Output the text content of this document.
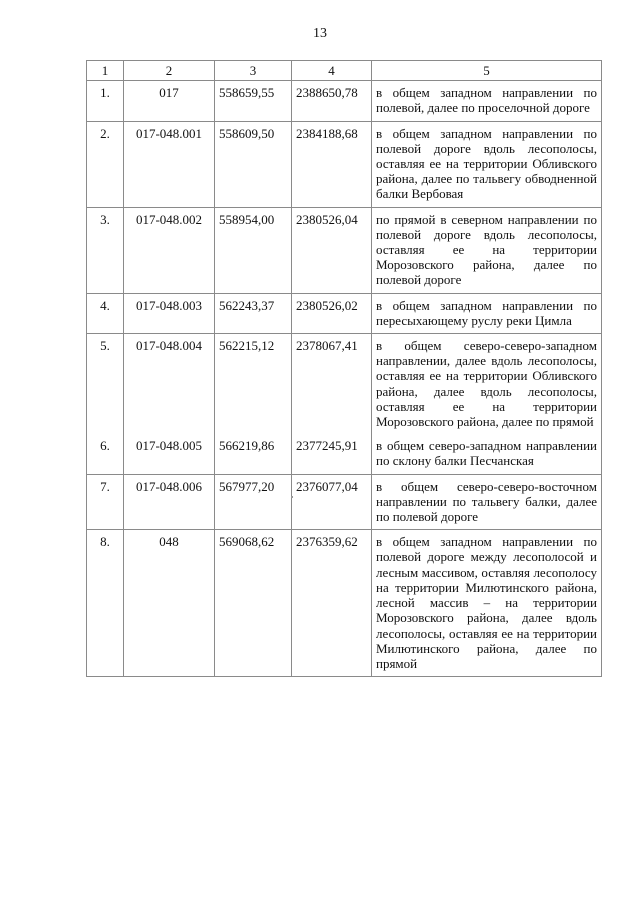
13
1	2	3	4	5
1.	017	558659,55	2388650,78	в общем западном направлении по полевой, далее по проселочной дороге
2.	017-048.001	558609,50	2384188,68	в общем западном направлении по полевой дороге вдоль лесополосы, оставляя ее на территории Обливского района, далее по тальвегу обводненной балки Вербовая
3.	017-048.002	558954,00	2380526,04	по прямой в северном направлении по полевой дороге вдоль лесополосы, оставляя ее на территории Морозовского района, далее по полевой дороге
4.	017-048.003	562243,37	2380526,02	в общем западном направлении по пересыхающему руслу реки Цимла
5.	017-048.004	562215,12	2378067,41	в общем северо-северо-западном направлении, далее вдоль лесополосы, оставляя ее на территории Обливского района, далее вдоль лесополосы, оставляя ее на территории Морозовского района, далее по прямой
6.	017-048.005	566219,86	2377245,91	в общем северо-западном направлении по склону балки Песчанская
7.	017-048.006	567977,20	2376077,04	в общем северо-северо-восточном направлении по тальвегу балки, далее по полевой дороге
8.	048	569068,62	2376359,62	в общем западном направлении по полевой дороге между лесополосой и лесным массивом, оставляя лесополосу на территории Милютинского района, лесной массив – на территории Морозовского района, далее вдоль лесополосы, оставляя ее на территории Милютинского района, далее по прямой
